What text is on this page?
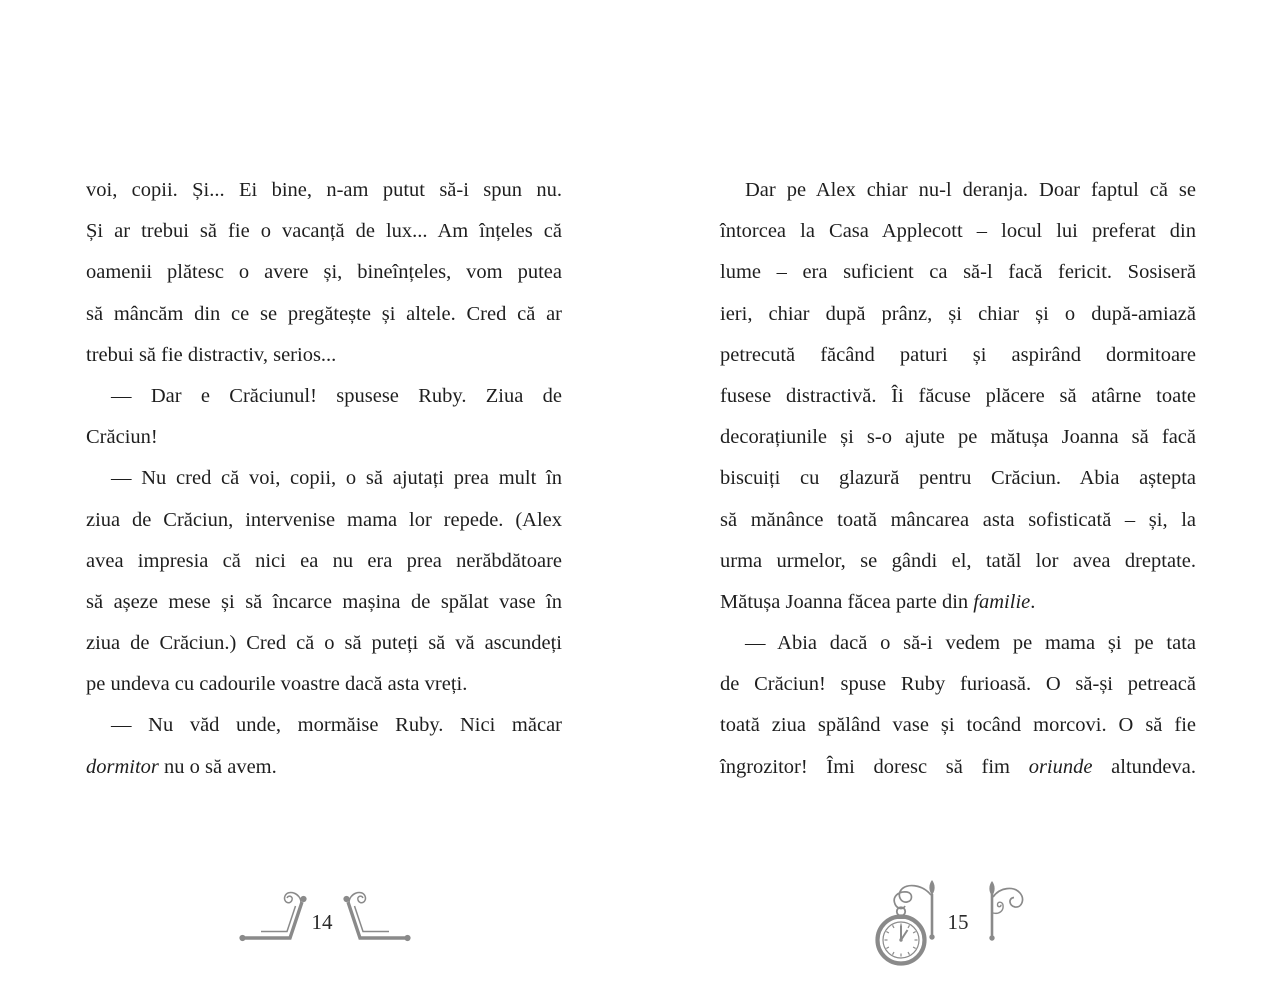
voi, copii. Și... Ei bine, n-am putut să-i spun nu.
Și ar trebui să fie o vacanță de lux... Am înțeles că
oamenii plătesc o avere și, bineînțeles, vom putea
să mâncăm din ce se pregătește și altele. Cred că ar
trebui să fie distractiv, serios...
— Dar e Crăciunul! spusese Ruby. Ziua de
Crăciun!
— Nu cred că voi, copii, o să ajutați prea mult în
ziua de Crăciun, intervenise mama lor repede. (Alex
avea impresia că nici ea nu era prea nerăbdătoare
să așeze mese și să încarce mașina de spălat vase în
ziua de Crăciun.) Cred că o să puteți să vă ascundeți
pe undeva cu cadourile voastre dacă asta vreți.
— Nu văd unde, mormăise Ruby. Nici măcar
dormitor nu o să avem.
Dar pe Alex chiar nu-l deranja. Doar faptul că se
întorcea la Casa Applecott – locul lui preferat din
lume – era suficient ca să-l facă fericit. Sosiseră
ieri, chiar după prânz, și chiar și o după-amiază
petrecută făcând paturi și aspirând dormitoare
fusese distractivă. Îi făcuse plăcere să atârne toate
decorațiunile și s-o ajute pe mătușa Joanna să facă
biscuiți cu glazură pentru Crăciun. Abia aștepta
să mănânce toată mâncarea asta sofisticată – și, la
urma urmelor, se gândi el, tatăl lor avea dreptate.
Mătușa Joanna făcea parte din familie.
— Abia dacă o să-i vedem pe mama și pe tata
de Crăciun! spuse Ruby furioasă. O să-și petreacă
toată ziua spălând vase și tocând morcovi. O să fie
îngrozitor! Îmi doresc să fim oriunde altundeva.
14	15
